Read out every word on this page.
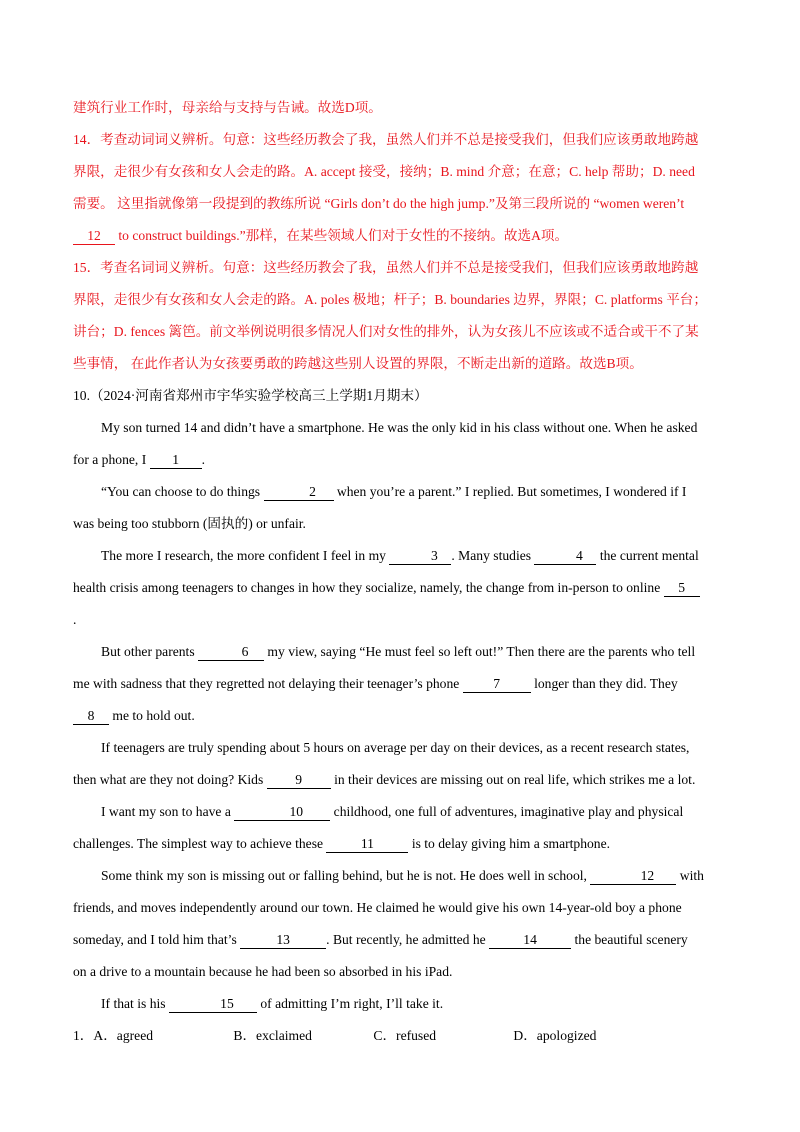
建筑行业工作时，母亲给与支持与告诫。故选D项。

14．考查动词词义辨析。句意：这些经历教会了我，虽然人们并不总是接受我们，但我们应该勇敢地跨越

界限，走很少有女孩和女人会走的路。A. accept 接受，接纳；B. mind 介意；在意；C. help 帮助；D. need

需要。 这里指就像第一段提到的教练所说 “Girls don’t do the high jump.”及第三段所说的 “women weren’t

12 to construct buildings.”那样，在某些领域人们对于女性的不接纳。故选A项。

15．考查名词词义辨析。句意：这些经历教会了我，虽然人们并不总是接受我们，但我们应该勇敢地跨越

界限，走很少有女孩和女人会走的路。A. poles 极地；杆子；B. boundaries 边界，界限；C. platforms 平台；

讲台；D. fences 篱笆。前文举例说明很多情况人们对女性的排外，认为女孩儿不应该或不适合或干不了某

些事情， 在此作者认为女孩要勇敢的跨越这些别人设置的界限，不断走出新的道路。故选B项。

10.（2024·河南省郑州市宇华实验学校高三上学期1月期末）

My son turned 14 and didn’t have a smartphone. He was the only kid in his class without one. When he asked

for a phone, I 1 .

“You can choose to do things	2 when you’re a parent.” I replied. But sometimes, I wondered if I

was being too stubborn (固执的) or unfair.

The more I research, the more confident I feel in my	3 . Many studies	4 the current mental

health crisis among teenagers to changes in how they socialize, namely, the change from in-person to online 5

.

But other parents	6 my view, saying “He must feel so left out!” Then there are the parents who tell

me with sadness that they regretted not delaying their teenager’s phone 7 longer than they did. They

8 me to hold out.

If teenagers are truly spending about 5 hours on average per day on their devices, as a recent research states,

then what are they not doing? Kids 9 in their devices are missing out on real life, which strikes me a lot.

I want my son to have a	10 childhood, one full of adventures, imaginative play and physical

challenges. The simplest way to achieve these	11	is to delay giving him a smartphone.

Some think my son is missing out or falling behind, but he is not. He does well in school,	12 with

friends, and moves independently around our town. He claimed he would give his own 14-year-old boy a phone

someday, and I told him that’s	13	. But recently, he admitted he	14	the beautiful scenery

on a drive to a mountain because he had been so absorbed in his iPad.

If that is his	15 of admitting I’m right, I’ll take it.

1．A．agreed	B．exclaimed	C．refused	D．apologized
